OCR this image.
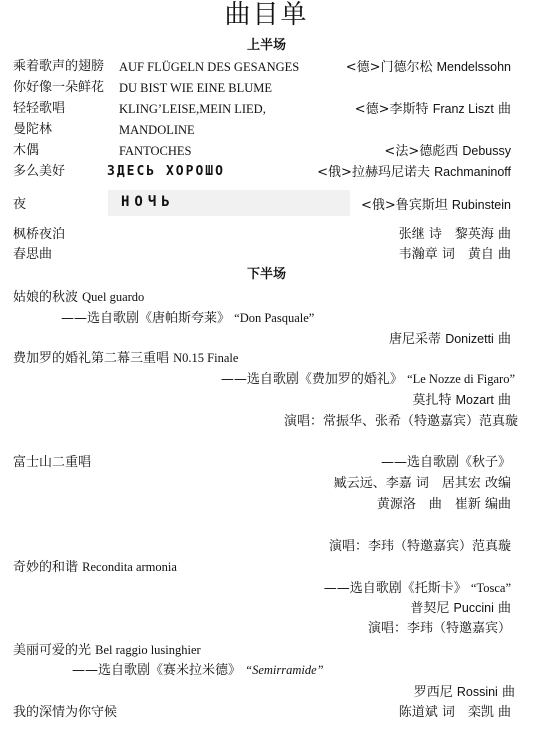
曲目单
上半场
乘着歌声的翅膀 AUF FLÜGELN DES GESANGES	<德>门德尔松 Mendelssohn
你好像一朵鲜花 DU BIST WIE EINE BLUME
轻轻歌唱	KLING’LEISE,MEIN LIED,	<德>李斯特 Franz Liszt 曲
曼陀林	MANDOLINE
木偶	FANTOCHES	<法>德彪西 Debussy
多么美好	ЗДЕСЬ ХОРОШО	<俄>拉赫玛尼诺夫 Rachmaninoff
夜	НОЧЬ	<俄>鲁宾斯坦 Rubinstein
枫桥夜泊	张继 诗　黎英海 曲
春思曲	韦瀚章 词　黄自 曲
下半场
姑娘的秋波 Quel guardo
——选自歌剧《唐帕斯夸莱》 “Don Pasquale”
唐尼采蒂 Donizetti 曲
费加罗的婚礼第二幕三重唱 N0.15 Finale
——选自歌剧《费加罗的婚礼》 “Le Nozze di Figaro”
莫扎特 Mozart 曲
演唱：常振华、张希（特邀嘉宾）范真璇
富士山二重唱	——选自歌剧《秋子》
臧云远、李嘉 词　居其宏 改编
黄源洛　曲　崔新 编曲
演唱：李玮（特邀嘉宾）范真璇
奇妙的和谐 Recondita armonia
——选自歌剧《托斯卡》 “Tosca”
普契尼 Puccini 曲
演唱：李玮（特邀嘉宾）
美丽可爱的光 Bel raggio lusinghier
——选自歌剧《赛米拉米德》 “Semirramide”
罗西尼 Rossini 曲
我的深情为你守候	陈道斌 词　栾凯 曲
